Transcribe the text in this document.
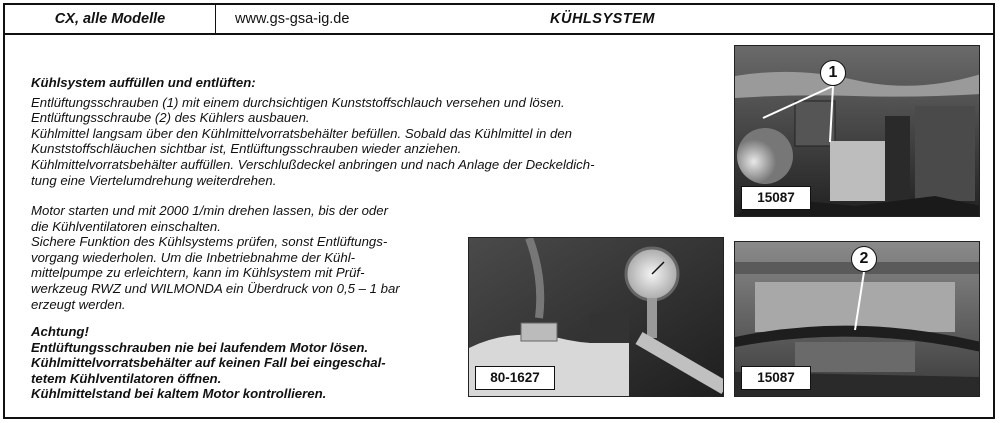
CX, alle Modelle	www.gs-gsa-ig.de	KÜHLSYSTEM
Kühlsystem auffüllen und entlüften:
Entlüftungsschrauben (1) mit einem durchsichtigen Kunststoffschlauch versehen und lösen.
Entlüftungsschraube (2) des Kühlers ausbauen.
Kühlmittel langsam über den Kühlmittelvorratsbehälter befüllen. Sobald das Kühlmittel in den
Kunststoffschläuchen sichtbar ist, Entlüftungsschrauben wieder anziehen.
Kühlmittelvorratsbehälter auffüllen. Verschlußdeckel anbringen und nach Anlage der Deckeldich-
tung eine Viertelumdrehung weiterdrehen.
Motor starten und mit 2000 1/min drehen lassen, bis der oder
die Kühlventilatoren einschalten.
Sichere Funktion des Kühlsystems prüfen, sonst Entlüftungs-
vorgang wiederholen. Um die Inbetriebnahme der Kühl-
mittelpumpe zu erleichtern, kann im Kühlsystem mit Prüf-
werkzeug RWZ und WILMONDA ein Überdruck von 0,5 – 1 bar
erzeugt werden.
Achtung!
Entlüftungsschrauben nie bei laufendem Motor lösen.
Kühlmittelvorratsbehälter auf keinen Fall bei eingeschal-
tetem Kühlventilatoren öffnen.
Kühlmittelstand bei kaltem Motor kontrollieren.
1
15087
80-1627
2
15087
